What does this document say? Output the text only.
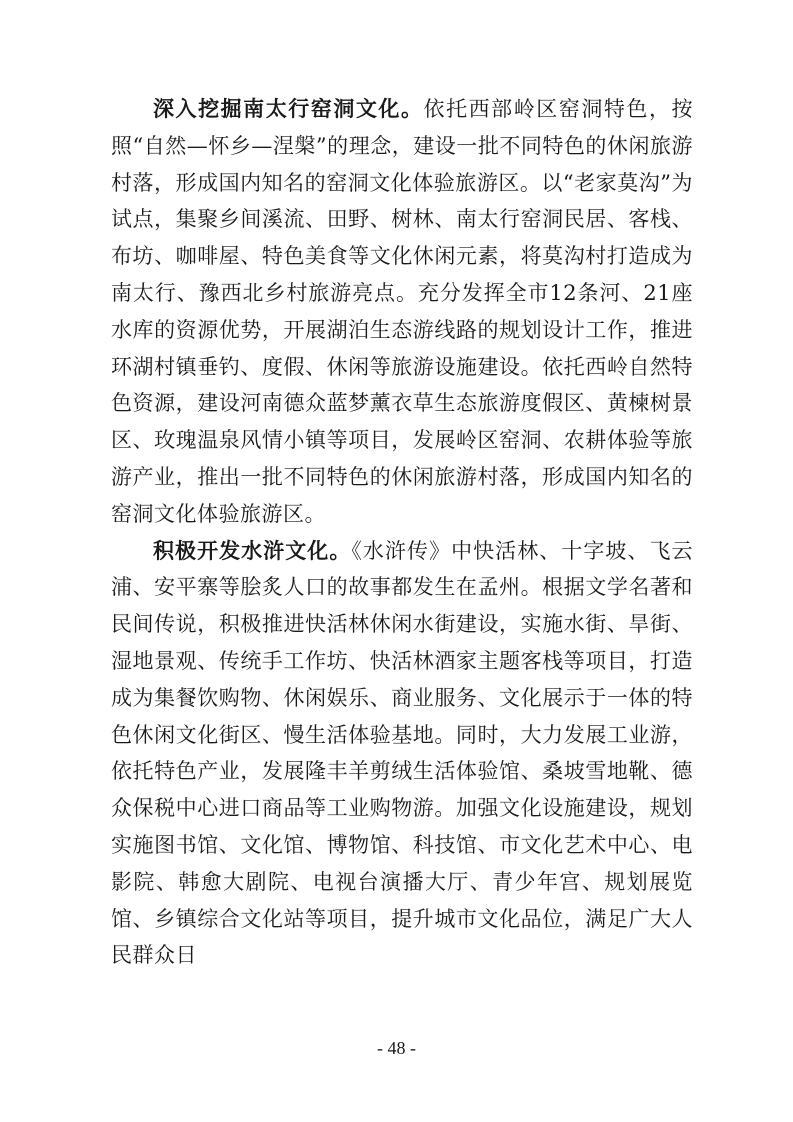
深入挖掘南太行窑洞文化。依托西部岭区窑洞特色，按照“自然—怀乡—涅槃”的理念，建设一批不同特色的休闲旅游村落，形成国内知名的窑洞文化体验旅游区。以“老家莫沟”为试点，集聚乡间溪流、田野、树林、南太行窑洞民居、客栈、布坊、咖啡屋、特色美食等文化休闲元素，将莫沟村打造成为南太行、豫西北乡村旅游亮点。充分发挥全市12条河、21座水库的资源优势，开展湖泊生态游线路的规划设计工作，推进环湖村镇垂钓、度假、休闲等旅游设施建设。依托西岭自然特色资源，建设河南德众蓝梦薰衣草生态旅游度假区、黄楝树景区、玫瑰温泉风情小镇等项目，发展岭区窑洞、农耕体验等旅游产业，推出一批不同特色的休闲旅游村落，形成国内知名的窑洞文化体验旅游区。

积极开发水浒文化。《水浒传》中快活林、十字坡、飞云浦、安平寨等脍炙人口的故事都发生在孟州。根据文学名著和民间传说，积极推进快活林休闲水街建设，实施水街、旱街、湿地景观、传统手工作坊、快活林酒家主题客栈等项目，打造成为集餐饮购物、休闲娱乐、商业服务、文化展示于一体的特色休闲文化街区、慢生活体验基地。同时，大力发展工业游，依托特色产业，发展隆丰羊剪绒生活体验馆、桑坡雪地靴、德众保税中心进口商品等工业购物游。加强文化设施建设，规划实施图书馆、文化馆、博物馆、科技馆、市文化艺术中心、电影院、韩愈大剧院、电视台演播大厅、青少年宫、规划展览馆、乡镇综合文化站等项目，提升城市文化品位，满足广大人民群众日

- 48 -
